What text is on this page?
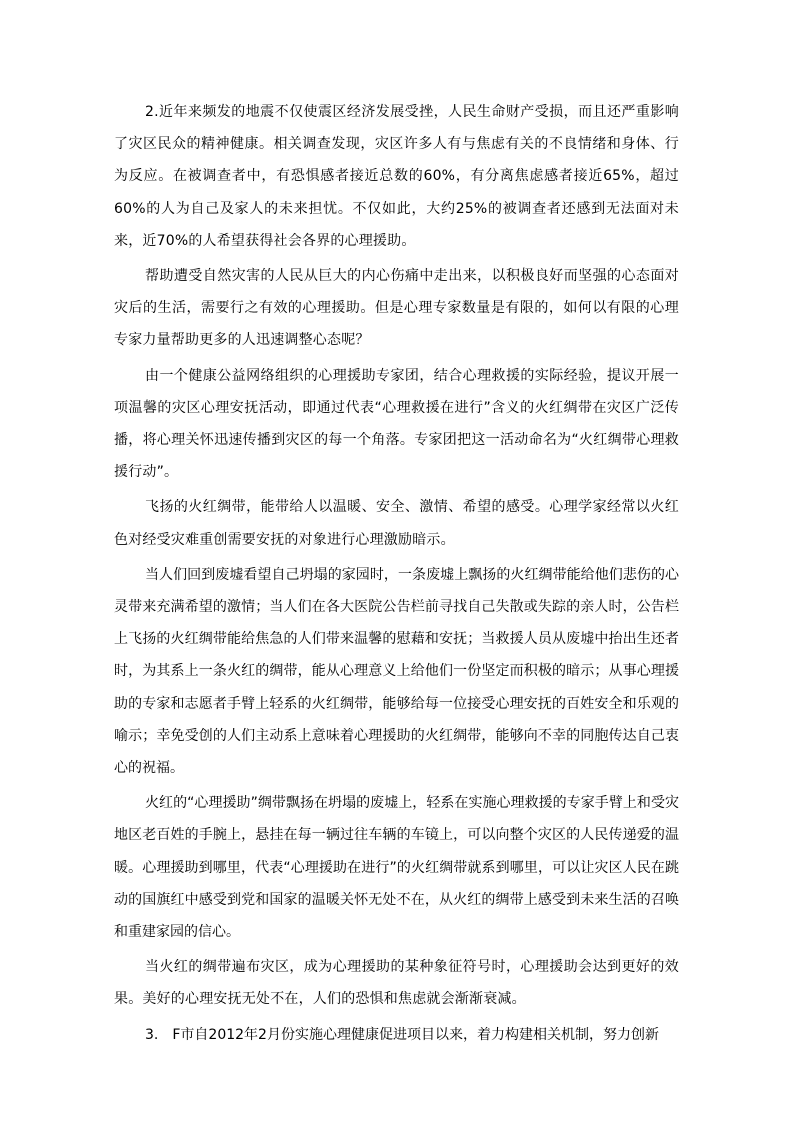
2.近年来频发的地震不仅使震区经济发展受挫，人民生命财产受损，而且还严重影响了灾区民众的精神健康。相关调查发现，灾区许多人有与焦虑有关的不良情绪和身体、行为反应。在被调查者中，有恐惧感者接近总数的60%，有分离焦虑感者接近65%，超过60%的人为自己及家人的未来担忧。不仅如此，大约25%的被调查者还感到无法面对未来，近70%的人希望获得社会各界的心理援助。

帮助遭受自然灾害的人民从巨大的内心伤痛中走出来，以积极良好而坚强的心态面对灾后的生活，需要行之有效的心理援助。但是心理专家数量是有限的，如何以有限的心理专家力量帮助更多的人迅速调整心态呢？

由一个健康公益网络组织的心理援助专家团，结合心理救援的实际经验，提议开展一项温馨的灾区心理安抚活动，即通过代表“心理救援在进行”含义的火红绸带在灾区广泛传播，将心理关怀迅速传播到灾区的每一个角落。专家团把这一活动命名为“火红绸带心理救援行动”。

飞扬的火红绸带，能带给人以温暖、安全、激情、希望的感受。心理学家经常以火红色对经受灾难重创需要安抚的对象进行心理激励暗示。

当人们回到废墟看望自己坍塌的家园时，一条废墟上飘扬的火红绸带能给他们悲伤的心灵带来充满希望的激情；当人们在各大医院公告栏前寻找自己失散或失踪的亲人时，公告栏上飞扬的火红绸带能给焦急的人们带来温馨的慰藉和安抚；当救援人员从废墟中抬出生还者时，为其系上一条火红的绸带，能从心理意义上给他们一份坚定而积极的暗示；从事心理援助的专家和志愿者手臂上轻系的火红绸带，能够给每一位接受心理安抚的百姓安全和乐观的喻示；幸免受创的人们主动系上意味着心理援助的火红绸带，能够向不幸的同胞传达自己衷心的祝福。

火红的“心理援助”绸带飘扬在坍塌的废墟上，轻系在实施心理救援的专家手臂上和受灾地区老百姓的手腕上，悬挂在每一辆过往车辆的车镜上，可以向整个灾区的人民传递爱的温暖。心理援助到哪里，代表“心理援助在进行”的火红绸带就系到哪里，可以让灾区人民在跳动的国旗红中感受到党和国家的温暖关怀无处不在，从火红的绸带上感受到未来生活的召唤和重建家园的信心。

当火红的绸带遍布灾区，成为心理援助的某种象征符号时，心理援助会达到更好的效果。美好的心理安抚无处不在，人们的恐惧和焦虑就会渐渐衰减。

3.　F市自2012年2月份实施心理健康促进项目以来，着力构建相关机制，努力创新
